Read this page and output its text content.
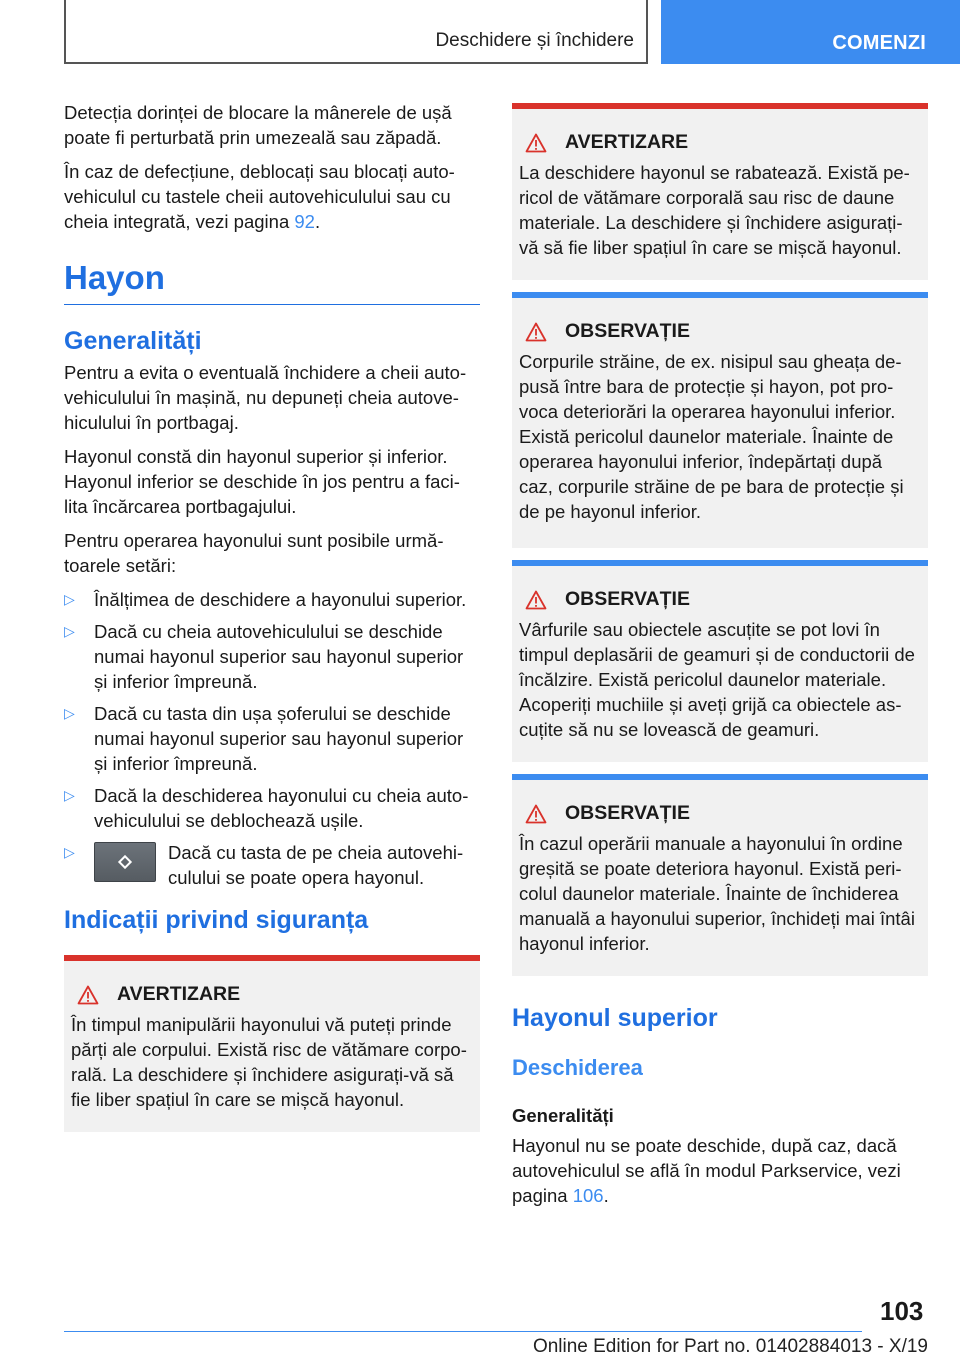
Deschidere și închidere	COMENZI

Detecția dorinței de blocare la mânerele de ușă poate fi perturbată prin umezeală sau zăpadă.

În caz de defecțiune, deblocați sau blocați auto-vehiculul cu tastele cheii autovehiculului sau cu cheia integrată, vezi pagina 92.

Hayon
Generalități

Pentru a evita o eventuală închidere a cheii auto-vehiculului în mașină, nu depuneți cheia autove-hiculului în portbagaj.

Hayonul constă din hayonul superior și inferior. Hayonul inferior se deschide în jos pentru a faci-lita încărcarea portbagajului.

Pentru operarea hayonului sunt posibile urmă-toarele setări:

▷ Înălțimea de deschidere a hayonului superior.
▷ Dacă cu cheia autovehiculului se deschide numai hayonul superior sau hayonul superior și inferior împreună.
▷ Dacă cu tasta din ușa șoferului se deschide numai hayonul superior sau hayonul superior și inferior împreună.
▷ Dacă la deschiderea hayonului cu cheia auto-vehiculului se deblochează ușile.
▷	Dacă cu tasta de pe cheia autovehi-culului se poate opera hayonul.
Indicații privind siguranța
AVERTIZARE

În timpul manipulării hayonului vă puteți prinde părți ale corpului. Există risc de vătămare corpo-rală. La deschidere și închidere asigurați-vă să fie liber spațiul în care se mișcă hayonul.

AVERTIZARE

La deschidere hayonul se rabatează. Există pe-ricol de vătămare corporală sau risc de daune materiale. La deschidere și închidere asigurați-vă să fie liber spațiul în care se mișcă hayonul.

OBSERVAȚIE

Corpurile străine, de ex. nisipul sau gheața de-pusă între bara de protecție și hayon, pot pro-voca deteriorări la operarea hayonului inferior. Există pericolul daunelor materiale. Înainte de operarea hayonului inferior, îndepărtați după caz, corpurile străine de pe bara de protecție și de pe hayonul inferior.

OBSERVAȚIE

Vârfurile sau obiectele ascuțite se pot lovi în timpul deplasării de geamuri și de conductorii de încălzire. Există pericolul daunelor materiale. Acoperiți muchiile și aveți grijă ca obiectele as-cuțite să nu se lovească de geamuri.

OBSERVAȚIE

În cazul operării manuale a hayonului în ordine greșită se poate deteriora hayonul. Există peri-colul daunelor materiale. Înainte de închiderea manuală a hayonului superior, închideți mai întâi hayonul inferior.

Hayonul superior
Deschiderea
Generalități

Hayonul nu se poate deschide, după caz, dacă autovehiculul se află în modul Parkservice, vezi pagina 106.

103
Online Edition for Part no. 01402884013 - X/19
